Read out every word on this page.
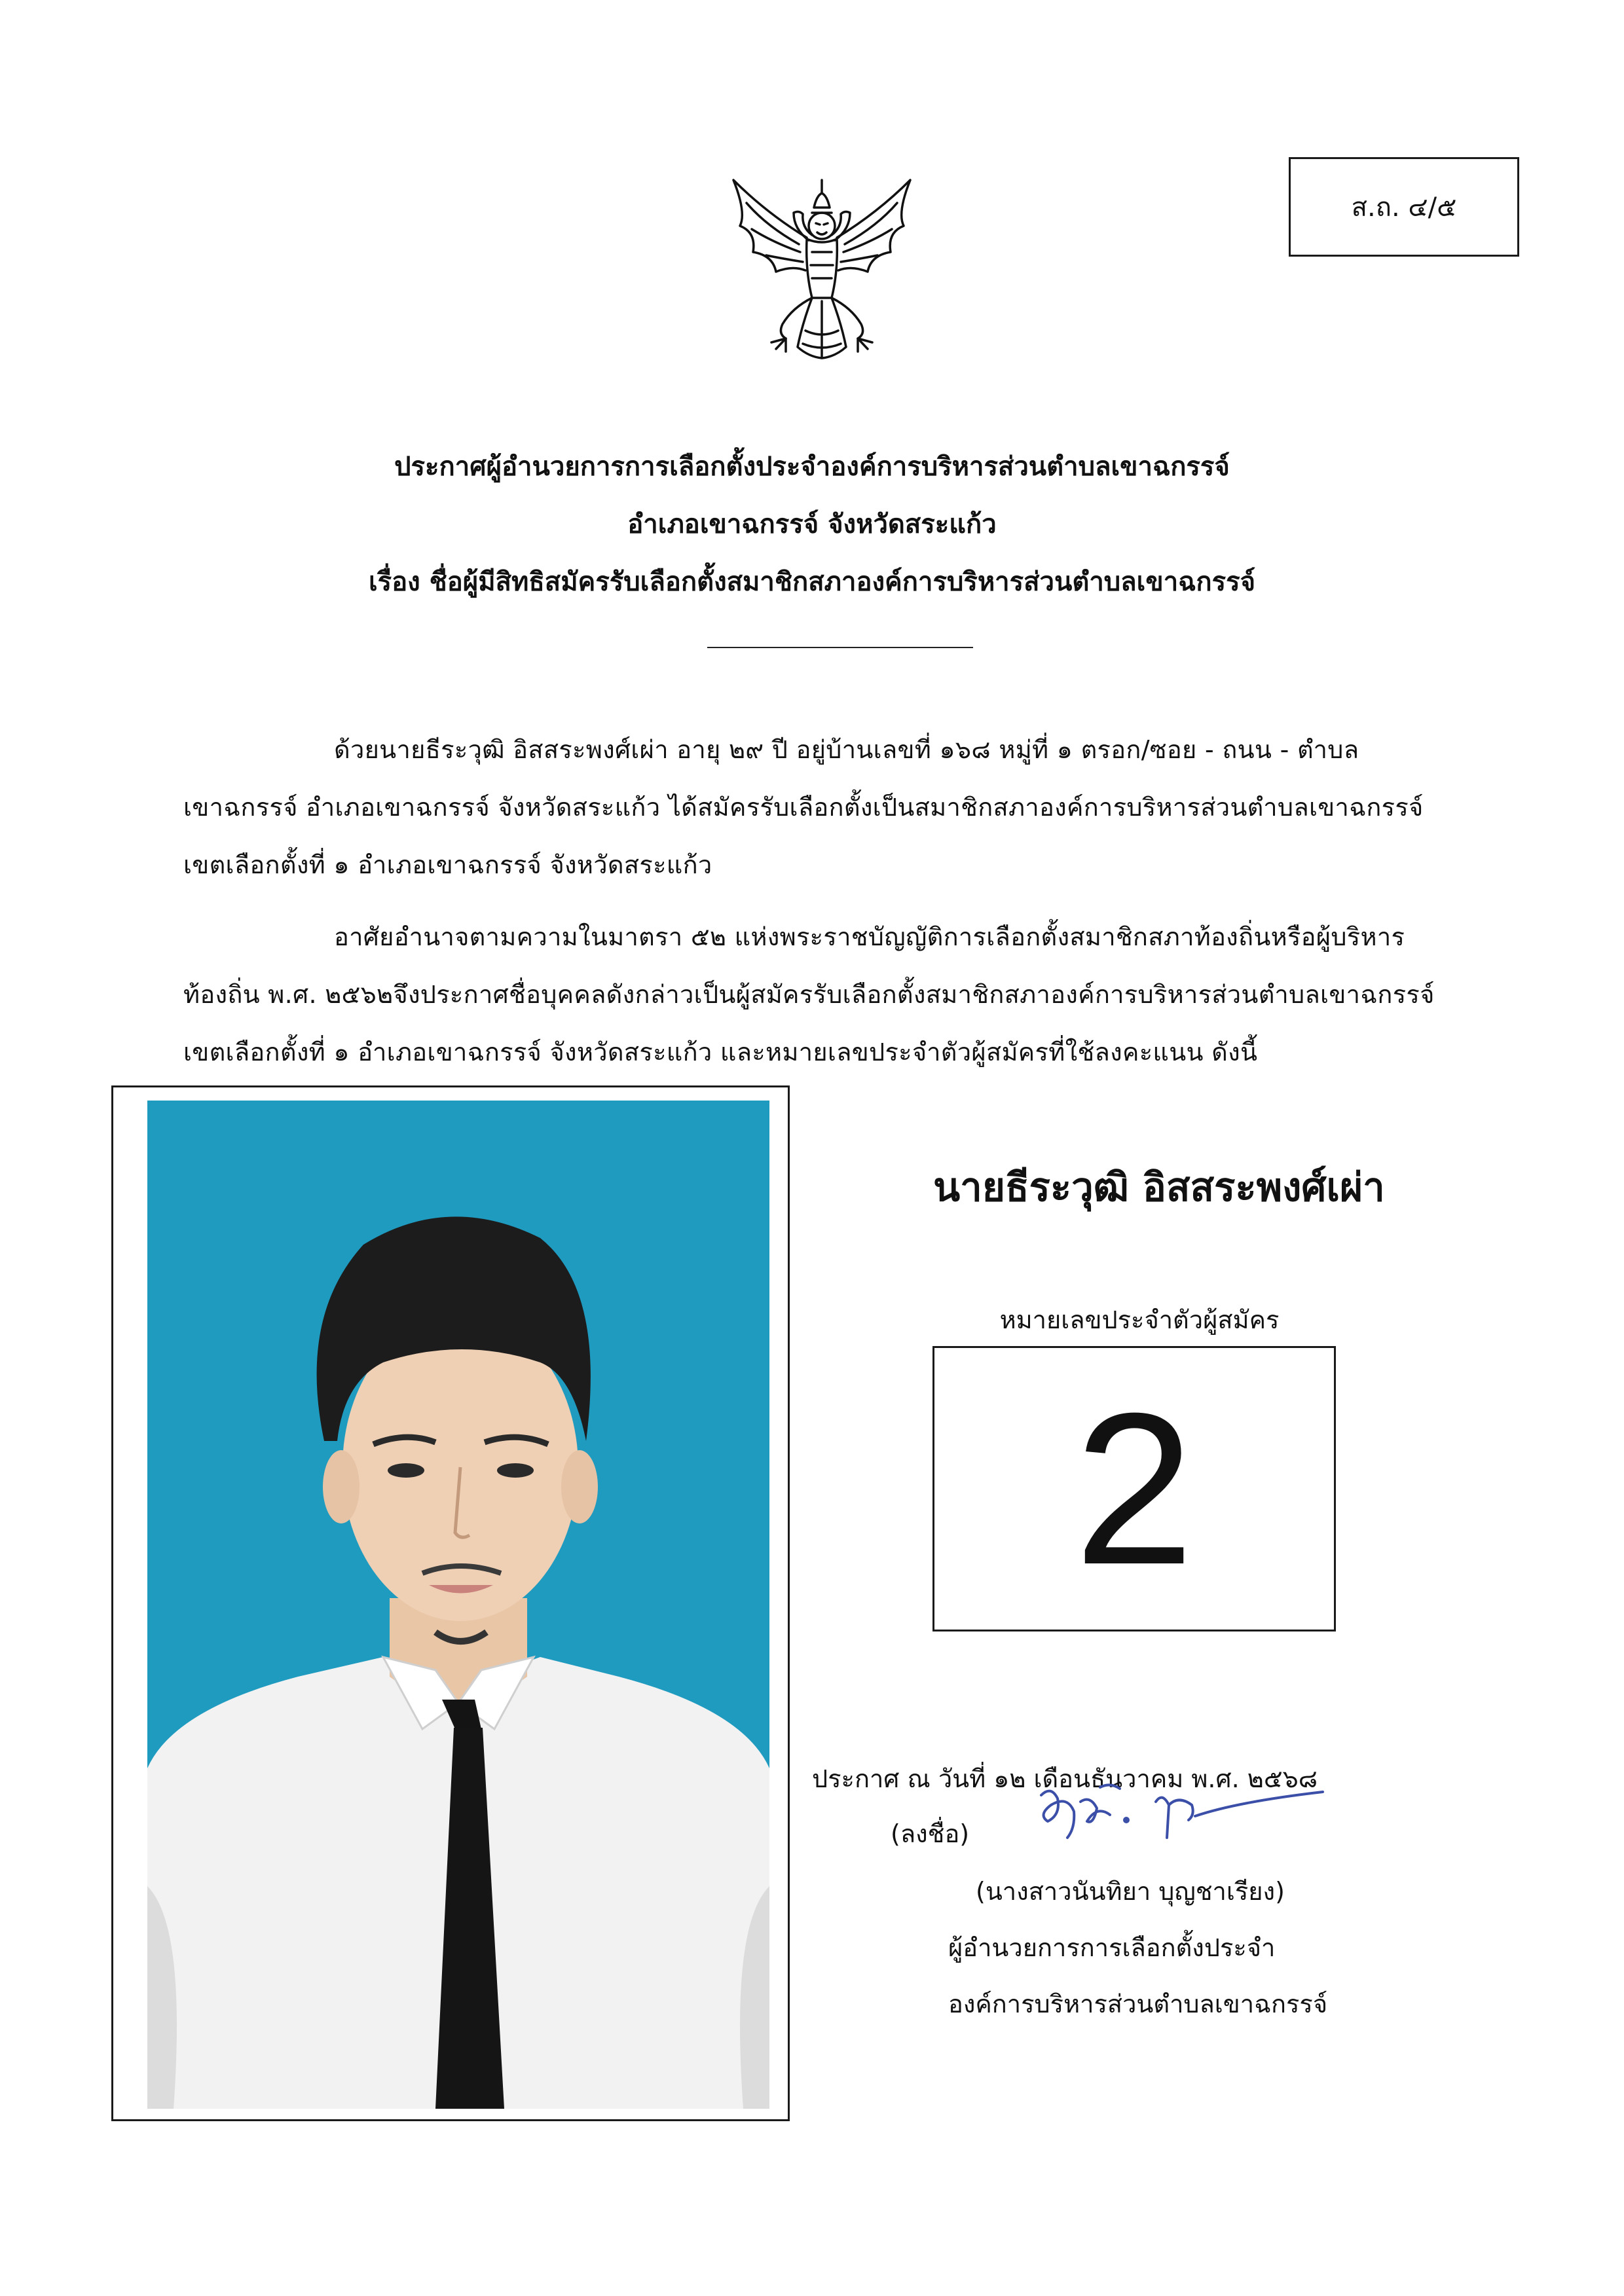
ส.ถ. ๔/๕
ประกาศผู้อำนวยการการเลือกตั้งประจำองค์การบริหารส่วนตำบลเขาฉกรรจ์
อำเภอเขาฉกรรจ์ จังหวัดสระแก้ว
เรื่อง ชื่อผู้มีสิทธิสมัครรับเลือกตั้งสมาชิกสภาองค์การบริหารส่วนตำบลเขาฉกรรจ์
ด้วยนายธีระวุฒิ อิสสระพงศ์เผ่า อายุ ๒๙ ปี อยู่บ้านเลขที่ ๑๖๘ หมู่ที่ ๑ ตรอก/ซอย - ถนน - ตำบล
เขาฉกรรจ์ อำเภอเขาฉกรรจ์ จังหวัดสระแก้ว ได้สมัครรับเลือกตั้งเป็นสมาชิกสภาองค์การบริหารส่วนตำบลเขาฉกรรจ์
เขตเลือกตั้งที่ ๑ อำเภอเขาฉกรรจ์ จังหวัดสระแก้ว
อาศัยอำนาจตามความในมาตรา ๕๒ แห่งพระราชบัญญัติการเลือกตั้งสมาชิกสภาท้องถิ่นหรือผู้บริหาร
ท้องถิ่น พ.ศ. ๒๕๖๒จึงประกาศชื่อบุคคลดังกล่าวเป็นผู้สมัครรับเลือกตั้งสมาชิกสภาองค์การบริหารส่วนตำบลเขาฉกรรจ์
เขตเลือกตั้งที่ ๑ อำเภอเขาฉกรรจ์ จังหวัดสระแก้ว และหมายเลขประจำตัวผู้สมัครที่ใช้ลงคะแนน ดังนี้
นายธีระวุฒิ อิสสระพงศ์เผ่า
หมายเลขประจำตัวผู้สมัคร
2
ประกาศ ณ วันที่ ๑๒ เดือนธันวาคม พ.ศ. ๒๕๖๘
(ลงชื่อ)
(นางสาวนันทิยา บุญชาเรียง)
ผู้อำนวยการการเลือกตั้งประจำ
องค์การบริหารส่วนตำบลเขาฉกรรจ์
